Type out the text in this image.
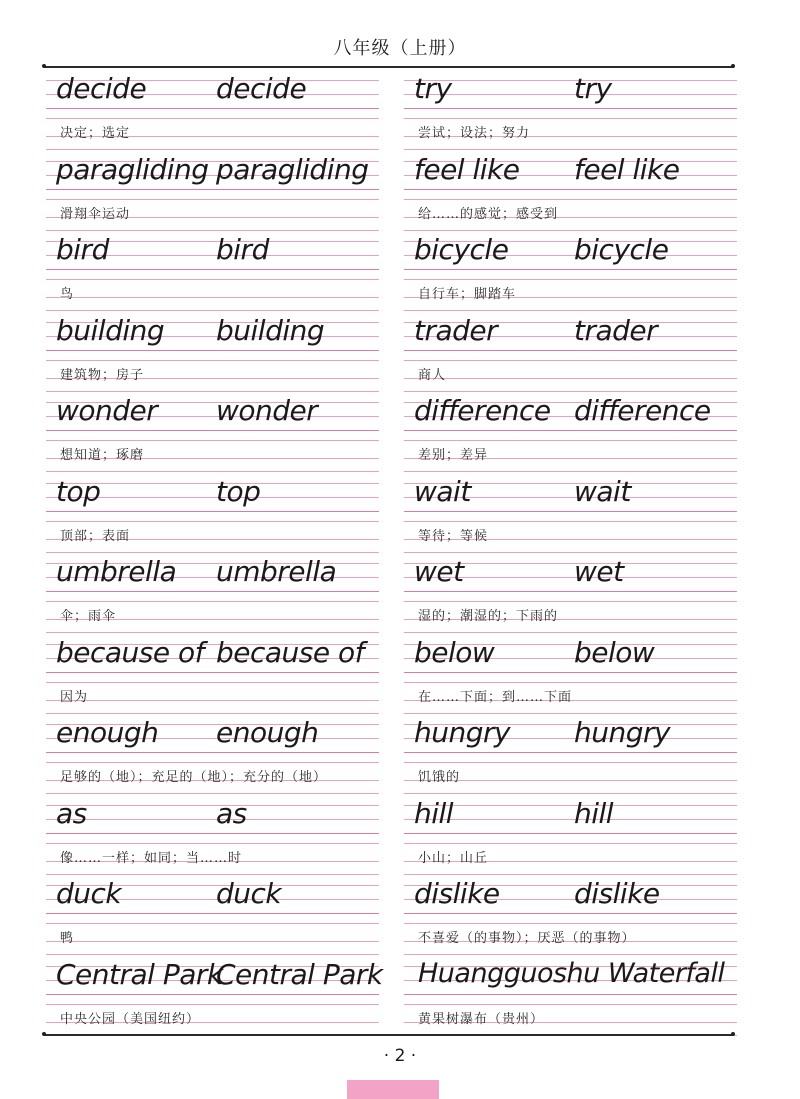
八年级（上册）
decide decide
决定；选定
paragliding paragliding
滑翔伞运动
bird	bird
鸟
building building
建筑物；房子
wonder wonder
想知道；琢磨
top	top
顶部；表面
umbrella umbrella
伞；雨伞
because of because of
因为
enough enough
足够的（地）；充足的（地）；充分的（地）
as	as
像……一样；如同；当……时
duck	duck
鸭
Central Park
Central Park
中央公园（美国纽约）
try	try
尝试；设法；努力
feel like feel like
给……的感觉；感受到
bicycle bicycle
自行车；脚踏车
trader	trader
商人
difference difference
差别；差异
wait	wait
等待；等候
wet	wet
湿的；潮湿的；下雨的
below	below
在……下面；到……下面
hungry hungry
饥饿的
hill	hill
小山；山丘
dislike	dislike
不喜爱（的事物）；厌恶（的事物）
Huangguoshu Waterfall
黄果树瀑布（贵州）
· 2 ·
